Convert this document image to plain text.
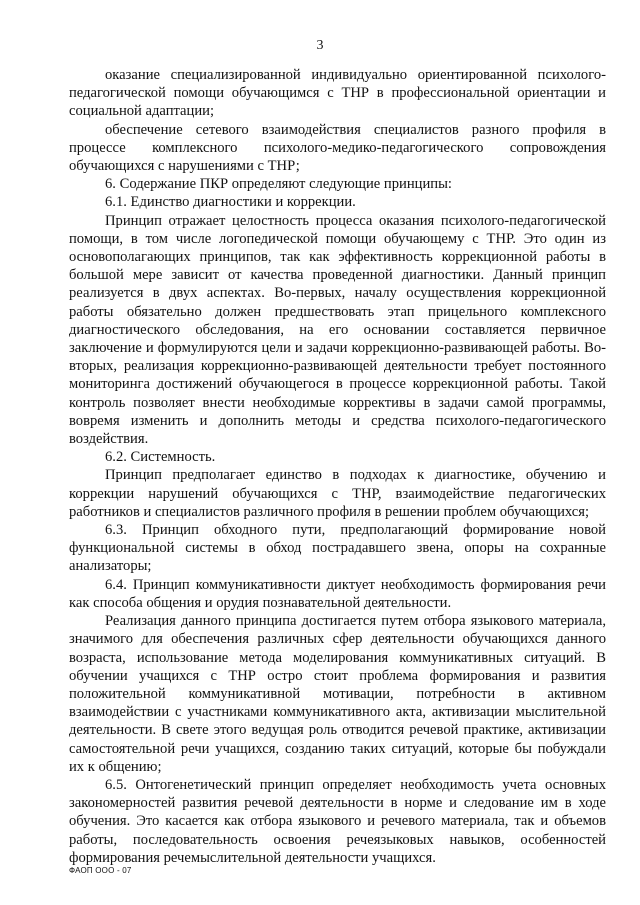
3

оказание специализированной индивидуально ориентированной психолого-педагогической помощи обучающимся с ТНР в профессиональной ориентации и социальной адаптации;

обеспечение сетевого взаимодействия специалистов разного профиля в процессе комплексного психолого-медико-педагогического сопровождения обучающихся с нарушениями с ТНР;

6. Содержание ПКР определяют следующие принципы:

6.1. Единство диагностики и коррекции.

Принцип отражает целостность процесса оказания психолого-педагогической помощи, в том числе логопедической помощи обучающему с ТНР. Это один из основополагающих принципов, так как эффективность коррекционной работы в большой мере зависит от качества проведенной диагностики. Данный принцип реализуется в двух аспектах. Во-первых, началу осуществления коррекционной работы обязательно должен предшествовать этап прицельного комплексного диагностического обследования, на его основании составляется первичное заключение и формулируются цели и задачи коррекционно-развивающей работы. Во-вторых, реализация коррекционно-развивающей деятельности требует постоянного мониторинга достижений обучающегося в процессе коррекционной работы. Такой контроль позволяет внести необходимые коррективы в задачи самой программы, вовремя изменить и дополнить методы и средства психолого-педагогического воздействия.

6.2. Системность.

Принцип предполагает единство в подходах к диагностике, обучению и коррекции нарушений обучающихся с ТНР, взаимодействие педагогических работников и специалистов различного профиля в решении проблем обучающихся;

6.3. Принцип обходного пути, предполагающий формирование новой функциональной системы в обход пострадавшего звена, опоры на сохранные анализаторы;

6.4. Принцип коммуникативности диктует необходимость формирования речи как способа общения и орудия познавательной деятельности.

Реализация данного принципа достигается путем отбора языкового материала, значимого для обеспечения различных сфер деятельности обучающихся данного возраста, использование метода моделирования коммуникативных ситуаций. В обучении учащихся с ТНР остро стоит проблема формирования и развития положительной коммуникативной мотивации, потребности в активном взаимодействии с участниками коммуникативного акта, активизации мыслительной деятельности. В свете этого ведущая роль отводится речевой практике, активизации самостоятельной речи учащихся, созданию таких ситуаций, которые бы побуждали их к общению;

6.5. Онтогенетический принцип определяет необходимость учета основных закономерностей развития речевой деятельности в норме и следование им в ходе обучения. Это касается как отбора языкового и речевого материала, так и объемов работы, последовательность освоения речеязыковых навыков, особенностей формирования речемыслительной деятельности учащихся.

ФАОП ООО - 07
